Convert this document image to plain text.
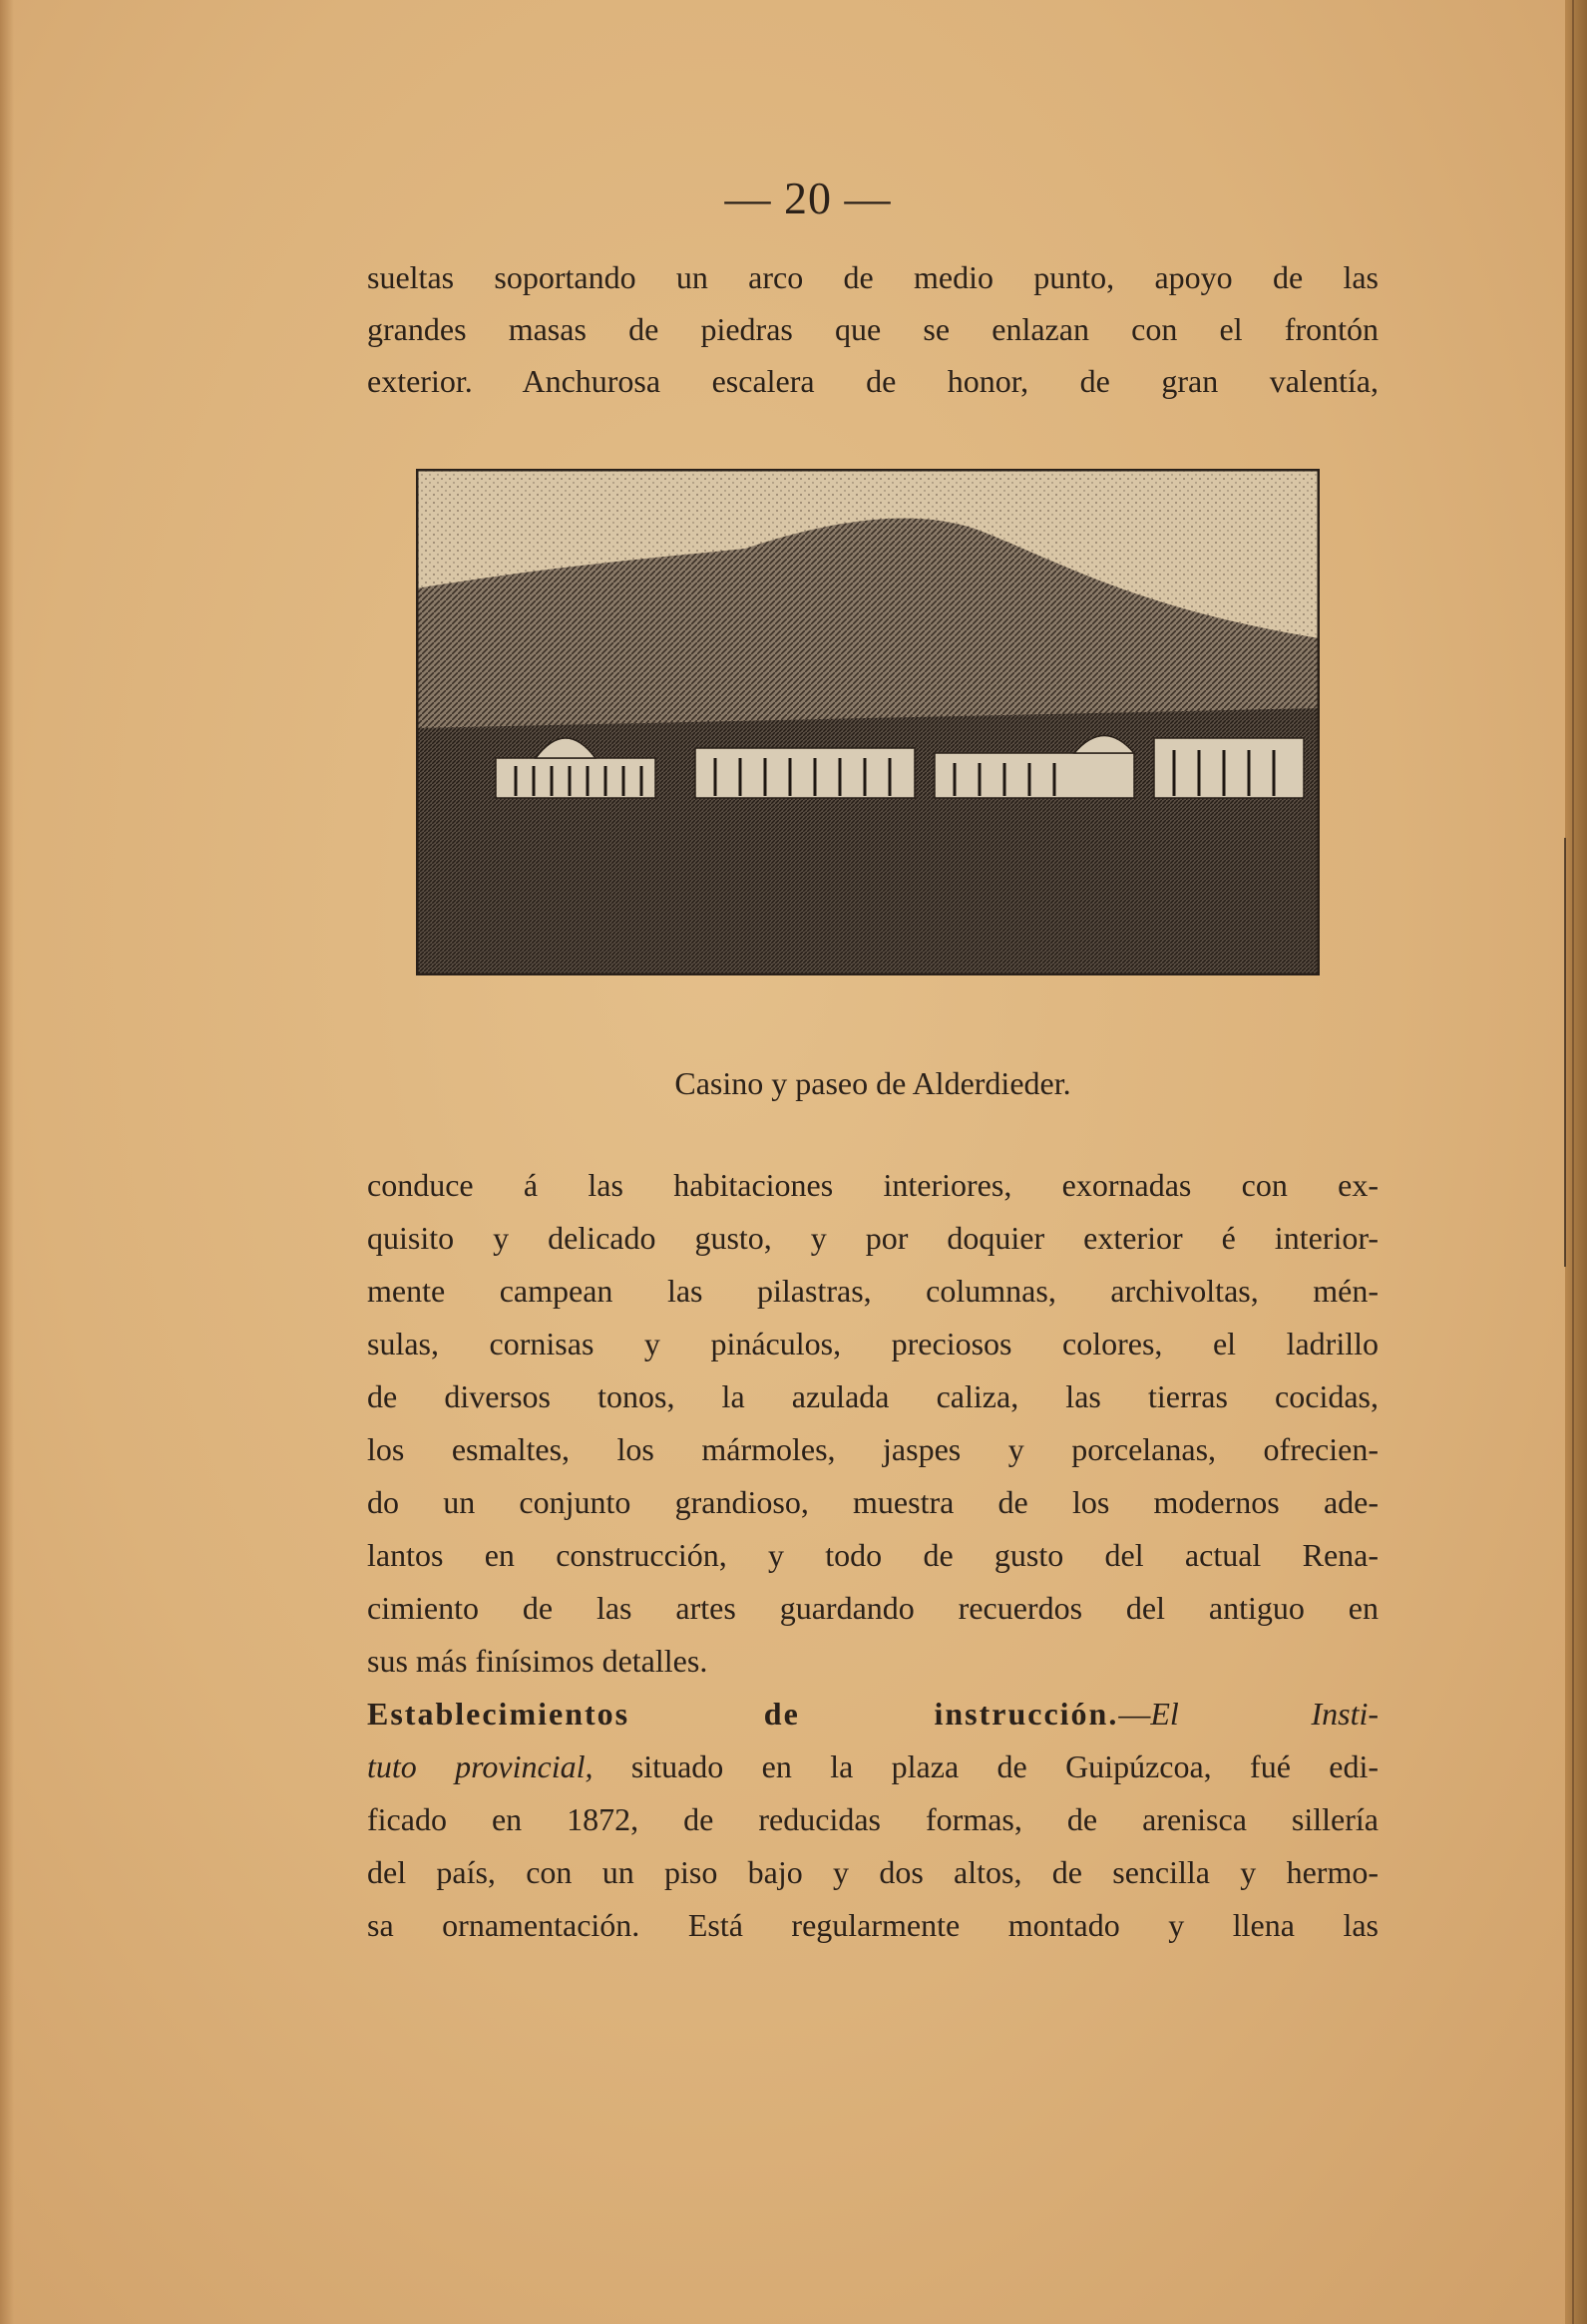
— 20 —
sueltas soportando un arco de medio punto, apoyo de las
grandes masas de piedras que se enlazan con el frontón
exterior. Anchurosa escalera de honor, de gran valentía,
Casino y paseo de Alderdieder.
conduce á las habitaciones interiores, exornadas con ex-
quisito y delicado gusto, y por doquier exterior é interior-
mente campean las pilastras, columnas, archivoltas, mén-
sulas, cornisas y pináculos, preciosos colores, el ladrillo
de diversos tonos, la azulada caliza, las tierras cocidas,
los esmaltes, los mármoles, jaspes y porcelanas, ofrecien-
do un conjunto grandioso, muestra de los modernos ade-
lantos en construcción, y todo de gusto del actual Rena-
cimiento de las artes guardando recuerdos del antiguo en
sus más finísimos detalles.
Establecimientos de instrucción.—El Insti-
tuto provincial, situado en la plaza de Guipúzcoa, fué edi-
ficado en 1872, de reducidas formas, de arenisca sillería
del país, con un piso bajo y dos altos, de sencilla y hermo-
sa ornamentación. Está regularmente montado y llena las
